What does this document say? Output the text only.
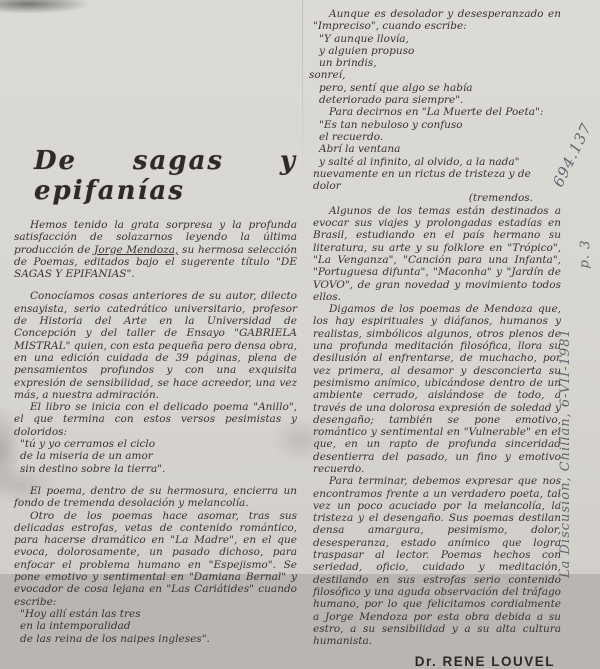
De sagas y epifanías

Hemos tenido la grata sorpresa y la profunda satisfacción de solazarnos leyendo la última producción de Jorge Mendoza, su hermosa selección de Poemas, editados bajo el sugerente título "DE SAGAS Y EPIFANIAS".

Conocíamos cosas anteriores de su autor, dilecto ensayista, serio catedrático universitario, profesor de Historia del Arte en la Universidad de Concepción y del taller de Ensayo "GABRIELA MISTRAL" quien, con esta pequeña pero densa obra, en una edición cuidada de 39 páginas, plena de pensamientos profundos y con una exquisita expresión de sensibilidad, se hace acreedor, una vez más, a nuestra admiración.

El libro se inicia con el delicado poema "Anillo", el que termina con estos versos pesimistas y doloridos:

"tú y yo cerramos el ciclo
de la miseria de un amor
sin destino sobre la tierra".

El poema, dentro de su hermosura, encierra un fondo de tremenda desolación y melancolía.

Otro de los poemas hace asomar, tras sus delicadas estrofas, vetas de contenido romántico, para hacerse dramático en "La Madre", en el que evoca, dolorosamente, un pasado dichoso, para enfocar el problema humano en "Espejismo". Se pone emotivo y sentimental en "Damiana Bernal" y evocador de cosa lejana en "Las Cariátides" cuando escribe:

"Hoy allí están las tres
en la intemporalidad
de las reina de los naipes ingleses".

Aunque es desolador y desesperanzado en "Impreciso", cuando escribe:

"Y aunque llovía,
y alguien propuso
un brindis,
sonreí,
pero, sentí que algo se había
deteriorado para siempre".

Para decirnos en "La Muerte del Poeta":

"Es tan nebuloso y confuso
el recuerdo.
Abrí la ventana
y salté al infinito, al olvido, a la nada"

nuevamente en un rictus de tristeza y de dolor

(tremendos.

Algunos de los temas están destinados a evocar sus viajes y prolongadas estadías en Brasil, estudiando en el país hermano su literatura, su arte y su folklore en "Trópico", "La Venganza", "Canción para una Infanta", "Portuguesa difunta", "Maconha" y "Jardín de VOVO", de gran novedad y movimiento todos ellos.

Digamos de los poemas de Mendoza que, los hay espirituales y diáfanos, humanos y realistas, simbólicos algunos, otros plenos de una profunda meditación filosófica, llora su desilusión al enfrentarse, de muchacho, por vez primera, al desamor y desconcierta su pesimismo anímico, ubicándose dentro de un ambiente cerrado, aislándose de todo, a través de una dolorosa expresión de soledad y desengaño; también se pone emotivo, romántico y sentimental en "Vulnerable" en el que, en un rapto de profunda sinceridad desentierra del pasado, un fino y emotivo recuerdo.

Para terminar, debemos expresar que nos encontramos frente a un verdadero poeta, tal vez un poco acuciado por la melancolía, la tristeza y el desengaño. Sus poemas destilan densa amargura, pesimismo, dolor, desesperanza, estado anímico que logra traspasar al lector. Poemas hechos con seriedad, oficio, cuidado y meditación, destilando en sus estrofas serio contenido filosófico y una aguda observación del tráfago humano, por lo que felicitamos cordialmente a Jorge Mendoza por esta obra debida a su estro, a su sensibilidad y a su alta cultura humanista.

Dr. RENE LOUVEL
694.137
p. 3
La Discusión, Chillán, 6-VII-1981
